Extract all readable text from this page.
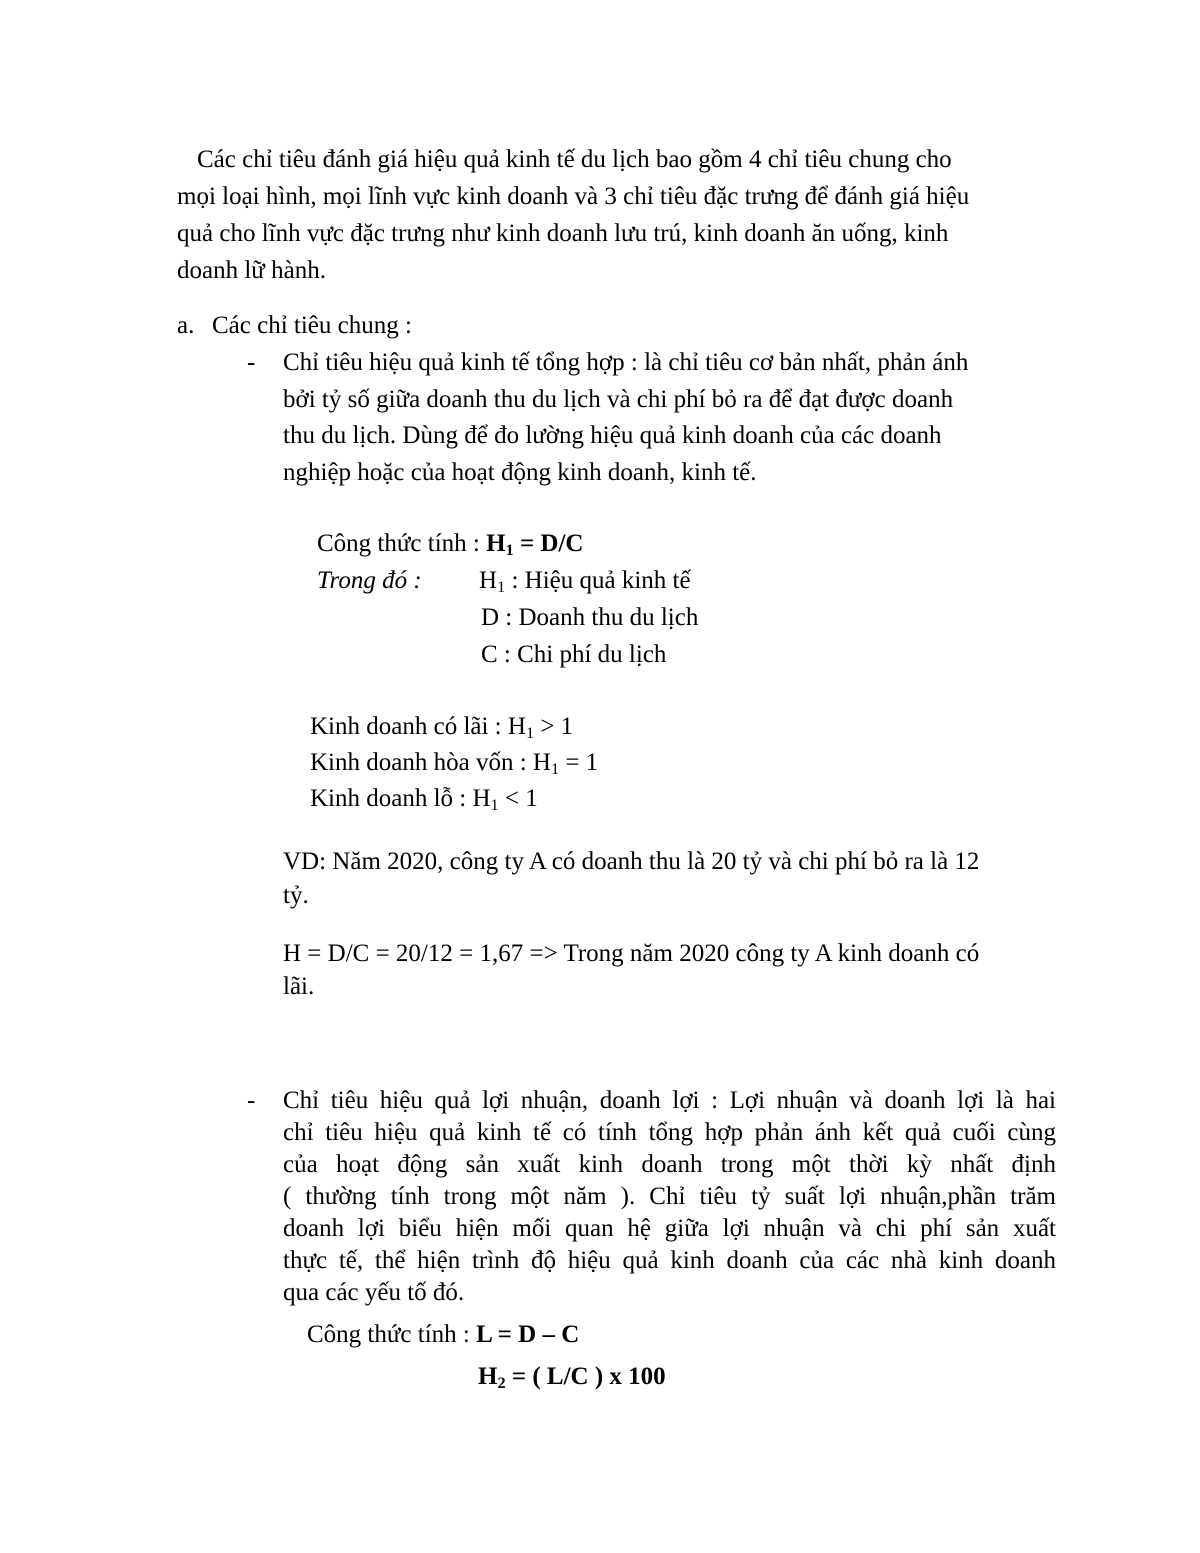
Các chỉ tiêu đánh giá hiệu quả kinh tế du lịch bao gồm 4 chỉ tiêu chung cho
mọi loại hình, mọi lĩnh vực kinh doanh và 3 chỉ tiêu đặc trưng để đánh giá hiệu
quả cho lĩnh vực đặc trưng như kinh doanh lưu trú, kinh doanh ăn uống, kinh
doanh lữ hành.
a. Các chỉ tiêu chung :
- Chỉ tiêu hiệu quả kinh tế tổng hợp : là chỉ tiêu cơ bản nhất, phản ánh
bởi tỷ số giữa doanh thu du lịch và chi phí bỏ ra để đạt được doanh
thu du lịch. Dùng để đo lường hiệu quả kinh doanh của các doanh
nghiệp hoặc của hoạt động kinh doanh, kinh tế.
Công thức tính : $H_1 = D/C$
Trong đó : $H_1$ : Hiệu quả kinh tế
D : Doanh thu du lịch
C : Chi phí du lịch
Kinh doanh có lãi : $H_1 > 1$
Kinh doanh hòa vốn : $H_1 = 1$
Kinh doanh lỗ : $H_1 < 1$
VD: Năm 2020, công ty A có doanh thu là 20 tỷ và chi phí bỏ ra là 12
tỷ.
H = D/C = 20/12 = 1,67 => Trong năm 2020 công ty A kinh doanh có
lãi.
- Chỉ tiêu hiệu quả lợi nhuận, doanh lợi : Lợi nhuận và doanh lợi là hai
chỉ tiêu hiệu quả kinh tế có tính tổng hợp phản ánh kết quả cuối cùng
của hoạt động sản xuất kinh doanh trong một thời kỳ nhất định
( thường tính trong một năm ). Chỉ tiêu tỷ suất lợi nhuận,phần trăm
doanh lợi biểu hiện mối quan hệ giữa lợi nhuận và chi phí sản xuất
thực tế, thể hiện trình độ hiệu quả kinh doanh của các nhà kinh doanh
qua các yếu tố đó.
Công thức tính : L = D – C
$H_2$ = ( L/C ) x 100
